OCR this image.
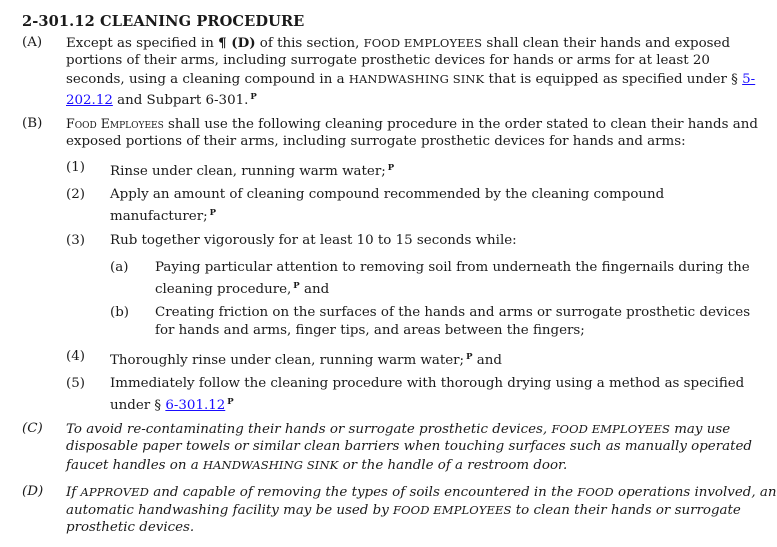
2-301.12 CLEANING PROCEDURE
(A) Except as specified in ¶ (D) of this section, FOOD EMPLOYEES shall clean their hands and exposed
portions of their arms, including surrogate prosthetic devices for hands or arms for at least 20
seconds, using a cleaning compound in a HANDWASHING SINK that is equipped as specified under § 5-
202.12 and Subpart 6-301. $^P$
(B) Food Employees shall use the following cleaning procedure in the order stated to clean their hands and
exposed portions of their arms, including surrogate prosthetic devices for hands and arms:
(1) Rinse under clean, running warm water; $^P$
(2) Apply an amount of cleaning compound recommended by the cleaning compound
manufacturer; $^P$
(3) Rub together vigorously for at least 10 to 15 seconds while:
(a) Paying particular attention to removing soil from underneath the fingernails during the
cleaning procedure, $^P$ and
(b) Creating friction on the surfaces of the hands and arms or surrogate prosthetic devices
for hands and arms, finger tips, and areas between the fingers;
(4) Thoroughly rinse under clean, running warm water; $^P$ and
(5) Immediately follow the cleaning procedure with thorough drying using a method as specified
under § 6-301.12 $^P$
(C) To avoid re-contaminating their hands or surrogate prosthetic devices, FOOD EMPLOYEES may use
disposable paper towels or similar clean barriers when touching surfaces such as manually operated
faucet handles on a HANDWASHING SINK or the handle of a restroom door.
(D) If APPROVED and capable of removing the types of soils encountered in the FOOD operations involved, an
automatic handwashing facility may be used by FOOD EMPLOYEES to clean their hands or surrogate
prosthetic devices.
